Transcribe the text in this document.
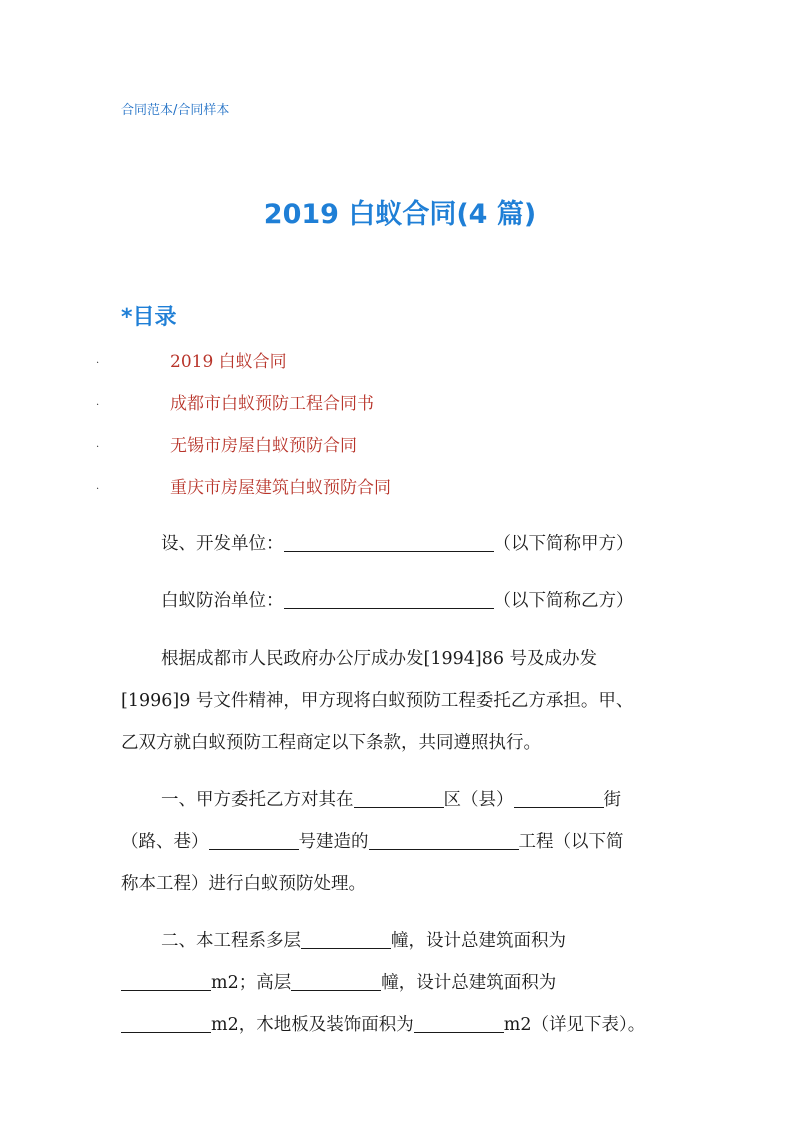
合同范本/合同样本
2019 白蚁合同(4 篇)
*目录
.	2019 白蚁合同
.	成都市白蚁预防工程合同书
.	无锡市房屋白蚁预防合同
.	重庆市房屋建筑白蚁预防合同
设、开发单位：	（以下简称甲方）
白蚁防治单位：	（以下简称乙方）
根据成都市人民政府办公厅成办发[1994]86 号及成办发
[1996]9 号文件精神，甲方现将白蚁预防工程委托乙方承担。甲、
乙双方就白蚁预防工程商定以下条款，共同遵照执行。
一、甲方委托乙方对其在	区（县）	街
（路、巷）	号建造的	工程（以下简
称本工程）进行白蚁预防处理。
二、本工程系多层	幢，设计总建筑面积为
m2；高层	幢，设计总建筑面积为
m2，木地板及装饰面积为	m2（详见下表）。
